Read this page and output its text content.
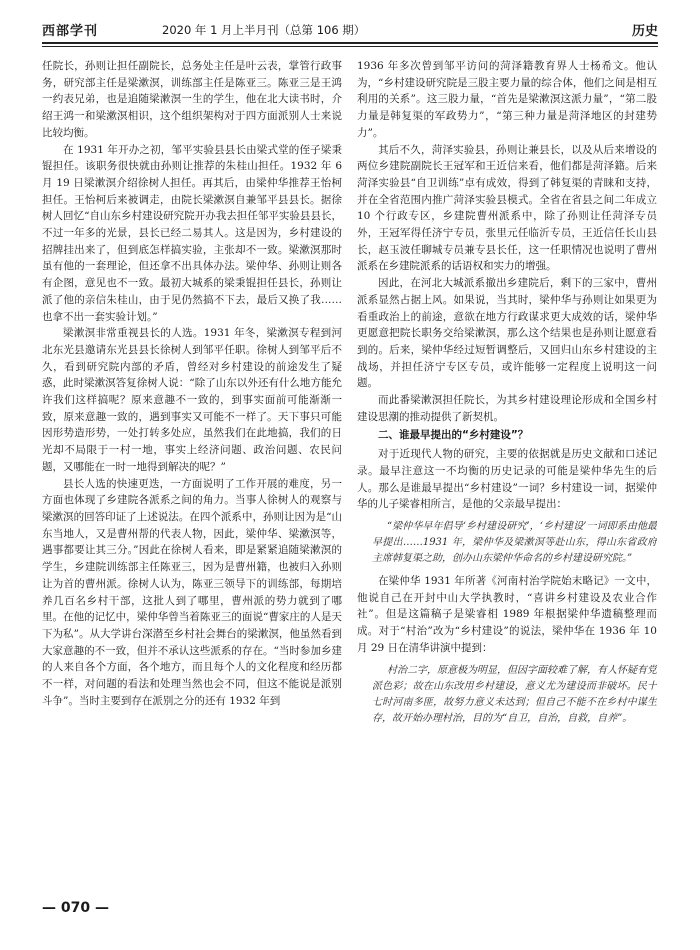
西部学刊	2020 年 1 月上半月刊（总第 106 期）	历史

任院长，孙则让担任副院长，总务处主任是叶云表，掌管行政事务，研究部主任是梁漱溟，训练部主任是陈亚三。陈亚三是王鸿一约表兄弟，也是追随梁漱溟一生的学生，他在北大读书时，介绍王鸿一和梁漱溟相识，这个组织架构对于四方面派别人士来说比较均衡。

在 1931 年开办之初，邹平实验县县长由梁式堂的侄子梁秉锟担任。该职务很快就由孙则让推荐的朱桂山担任。1932 年 6 月 19 日梁漱溟介绍徐树人担任。再其后，由梁仲华推荐王怡柯担任。王怡柯后来被调走，由院长梁漱溟自兼邹平县县长。据徐树人回忆“自山东乡村建设研究院开办我去担任邹平实验县县长，不过一年多的光景，县长已经二易其人。这是因为，乡村建设的招牌挂出来了，但到底怎样搞实验，主张却不一致。梁漱溟那时虽有他的一套理论，但还拿不出具体办法。梁仲华、孙则让则各有企图，意见也不一致。最初大城系的梁秉锟担任县长，孙则让派了他的亲信朱桂山，由于见仍然搞不下去，最后又换了我……也拿不出一套实验计划。”

梁漱溟非常重视县长的人选。1931 年冬，梁漱溟专程到河北东光县邀请东光县县长徐树人到邹平任职。徐树人到邹平后不久，看到研究院内部的矛盾，曾经对乡村建设的前途发生了疑惑，此时梁漱溟答复徐树人说：“除了山东以外还有什么地方能允许我们这样搞呢？原来意趣不一致的，到事实面前可能渐渐一致，原来意趣一致的，遇到事实又可能不一样了。天下事只可能因形势造形势，一处打转多处应，虽然我们在此地搞，我们的日光却不局限于一村一地，事实上经济问题、政治问题、农民问题，又哪能在一时一地得到解决的呢？”

县长人选的快速更迭，一方面说明了工作开展的难度，另一方面也体现了乡建院各派系之间的角力。当事人徐树人的观察与梁漱溟的回答印证了上述说法。在四个派系中，孙则让因为是“山东当地人，又是曹州帮的代表人物，因此，梁仲华、梁漱溟等，遇事都要让其三分。”因此在徐树人看来，即是紧紧追随梁漱溟的学生，乡建院训练部主任陈亚三，因为是曹州籍，也被归入孙则让为首的曹州派。徐树人认为，陈亚三领导下的训练部，每期培养几百名乡村干部，这批人到了哪里，曹州派的势力就到了哪里。在他的记忆中，梁仲华曾当着陈亚三的面说“曹家庄的人是天下为私”。从大学讲台深潜至乡村社会舞台的梁漱溟，他虽然看到大家意趣的不一致，但并不承认这些派系的存在。“当时参加乡建的人来自各个方面，各个地方，而且每个人的文化程度和经历都不一样，对问题的看法和处理当然也会不同，但这不能说是派别斗争”。当时主要到存在派别之分的还有 1932 年到

1936 年多次曾到邹平访问的菏泽籍教育界人士杨希文。他认为，“乡村建设研究院是三股主要力量的综合体，他们之间是相互利用的关系”。这三股力量，“首先是梁漱溟这派力量”，“第二股力量是韩复渠的军政势力”，“第三种力量是菏泽地区的封建势力”。

其后不久，菏泽实验县，孙则让兼县长，以及从后来增设的两位乡建院副院长王冠军和王近信来看，他们都是菏泽籍。后来菏泽实验县“自卫训练”卓有成效，得到了韩复渠的青睐和支持，并在全省范围内推广菏泽实验县模式。全省在省县之间二年成立 10 个行政专区，乡建院曹州派系中，除了孙则让任菏泽专员外，王冠军得任济宁专员，张里元任临沂专员，王近信任长山县长，赵玉波任聊城专员兼专县长任，这一任职情况也说明了曹州派系在乡建院派系的话语权和实力的增强。

因此，在河北大城派系撤出乡建院后，剩下的三家中，曹州派系显然占据上风。如果说，当其时，梁仲华与孙则让如果更为看重政治上的前途，意欲在地方行政谋求更大成效的话，梁仲华更愿意把院长职务交给梁漱溟，那么这个结果也是孙则让愿意看到的。后来，梁仲华经过短暂调整后，又回归山东乡村建设的主战场，并担任济宁专区专员，或许能够一定程度上说明这一问题。

而此番梁漱溟担任院长，为其乡村建设理论形成和全国乡村建设思潮的推动提供了新契机。

二、谁最早提出的“乡村建设”？

对于近现代人物的研究，主要的依据就是历史文献和口述记录。最早注意这一不均衡的历史记录的可能是梁仲华先生的后人。那么是谁最早提出“乡村建设”一词？乡村建设一词，据梁仲华的儿子梁睿相所言，是他的父亲最早提出：

“梁仲华早年倡导‘乡村建设研究’，‘乡村建设’一词即系由他最早提出……1931 年，梁仲华及梁漱溟等赴山东，得山东省政府主席韩复渠之助，创办山东梁仲华命名的乡村建设研究院。”

在梁仲华 1931 年所著《河南村治学院始末略记》一文中，他说自己在开封中山大学执教时，“喜讲乡村建设及农业合作社”。但是这篇稿子是梁睿相 1989 年根据梁仲华遗稿整理而成。对于“村治”改为“乡村建设”的说法，梁仲华在 1936 年 10 月 29 日在清华讲演中提到：

村治二字，原意极为明显，但因字面较难了解，有人怀疑有党派色彩；故在山东改用乡村建设，意义尤为建设而非破坏。民十七时河南多匪，故努力意义未达到；但自己不能不在乡村中谋生存，故开始办理村治，目的为“自卫，自治，自救，自养”。
— 070 —
